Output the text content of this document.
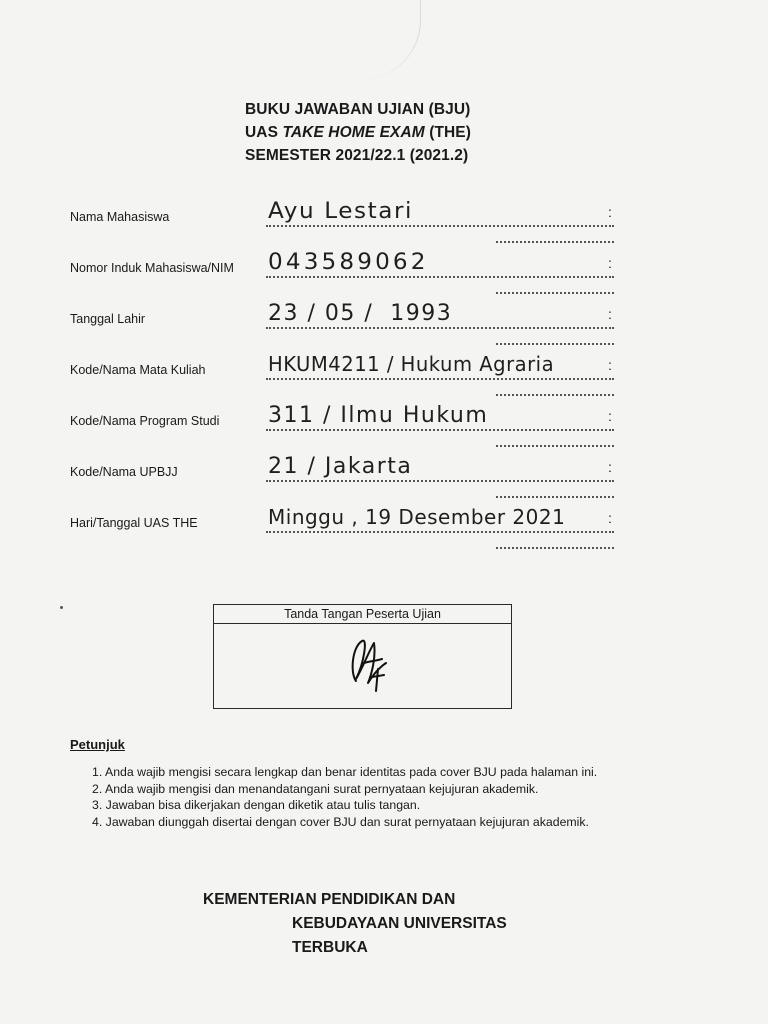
BUKU JAWABAN UJIAN (BJU)
UAS TAKE HOME EXAM (THE)
SEMESTER 2021/22.1 (2021.2)
Nama Mahasiswa	Ayu Lestari	:
Nomor Induk Mahasiswa/NIM 043589062	:
Tanggal Lahir	23 / 05 /  1993	:
Kode/Nama Mata Kuliah	HKUM4211 / Hukum Agraria	:
Kode/Nama Program Studi 311 / Ilmu Hukum	:
Kode/Nama UPBJJ	21 / Jakarta	:
Hari/Tanggal UAS THE	Minggu , 19 Desember 2021	:
Tanda Tangan Peserta Ujian
Petunjuk
1. Anda wajib mengisi secara lengkap dan benar identitas pada cover BJU pada halaman ini.
2. Anda wajib mengisi dan menandatangani surat pernyataan kejujuran akademik.
3. Jawaban bisa dikerjakan dengan diketik atau tulis tangan.
4. Jawaban diunggah disertai dengan cover BJU dan surat pernyataan kejujuran akademik.
KEMENTERIAN PENDIDIKAN DAN
KEBUDAYAAN UNIVERSITAS
TERBUKA
